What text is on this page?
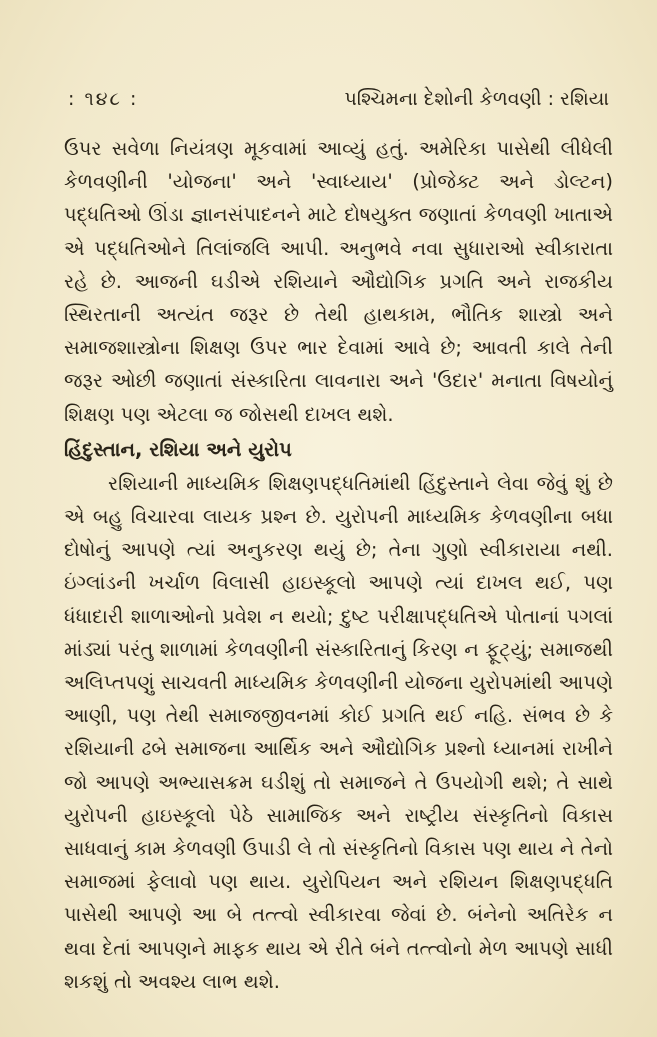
: ૧૪૮ :	પશ્ચિમના દેશોની કેળવણી : રશિયા

ઉપર સવેળા નિયંત્રણ મૂકવામાં આવ્યું હતું. અમેરિકા પાસેથી લીધેલી કેળવણીની 'યોજના' અને 'સ્વાધ્યાય' (પ્રોજેક્ટ અને ડોલ્ટન) પદ્ધતિઓ ઊંડા જ્ઞાનસંપાદનને માટે દોષયુક્ત જણાતાં કેળવણી ખાતાએ એ પદ્ધતિઓને તિલાંજલિ આપી. અનુભવે નવા સુધારાઓ સ્વીકારાતા રહે છે. આજની ઘડીએ રશિયાને ઔદ્યોગિક પ્રગતિ અને રાજકીય સ્થિરતાની અત્યંત જરૂર છે તેથી હાથકામ, ભૌતિક શાસ્ત્રો અને સમાજશાસ્ત્રોના શિક્ષણ ઉપર ભાર દેવામાં આવે છે; આવતી કાલે તેની જરૂર ઓછી જણાતાં સંસ્કારિતા લાવનારા અને 'ઉદાર' મનાતા વિષયોનું શિક્ષણ પણ એટલા જ જોસથી દાખલ થશે.

હિંદુસ્તાન, રશિયા અને યુરોપ

રશિયાની માધ્યમિક શિક્ષણપદ્ધતિમાંથી હિંદુસ્તાને લેવા જેવું શું છે એ બહુ વિચારવા લાયક પ્રશ્ન છે. યુરોપની માધ્યમિક કેળવણીના બધા દોષોનું આપણે ત્યાં અનુકરણ થયું છે; તેના ગુણો સ્વીકારાયા નથી. ઇંગ્લાંડની ખર્ચાળ વિલાસી હાઇસ્કૂલો આપણે ત્યાં દાખલ થઈ, પણ ધંધાદારી શાળાઓનો પ્રવેશ ન થયો; દુષ્ટ પરીક્ષાપદ્ધતિએ પોતાનાં પગલાં માંડ્યાં પરંતુ શાળામાં કેળવણીની સંસ્કારિતાનું કિરણ ન ફૂટ્યું; સમાજથી અલિપ્તપણું સાચવતી માધ્યમિક કેળવણીની યોજના યુરોપમાંથી આપણે આણી, પણ તેથી સમાજજીવનમાં કોઈ પ્રગતિ થઈ નહિ. સંભવ છે કે રશિયાની ઢબે સમાજના આર્થિક અને ઔદ્યોગિક પ્રશ્નો ધ્યાનમાં રાખીને જો આપણે અભ્યાસક્રમ ઘડીશું તો સમાજને તે ઉપયોગી થશે; તે સાથે યુરોપની હાઇસ્કૂલો પેઠે સામાજિક અને રાષ્ટ્રીય સંસ્કૃતિનો વિકાસ સાધવાનું કામ કેળવણી ઉપાડી લે તો સંસ્કૃતિનો વિકાસ પણ થાય ને તેનો સમાજમાં ફેલાવો પણ થાય. યુરોપિયન અને રશિયન શિક્ષણપદ્ધતિ પાસેથી આપણે આ બે તત્ત્વો સ્વીકારવા જેવાં છે. બંનેનો અતિરેક ન થવા દેતાં આપણને માફક થાય એ રીતે બંને તત્ત્વોનો મેળ આપણે સાધી શકશું તો અવશ્ય લાભ થશે.
